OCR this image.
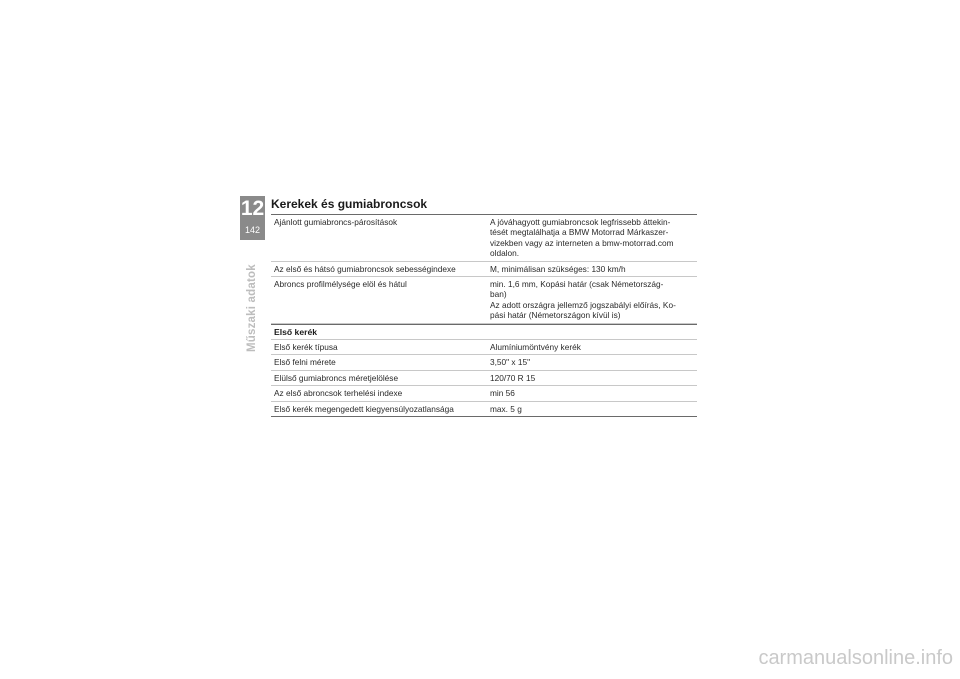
12
142
Műszaki adatok
Kerekek és gumiabroncsok
Ajánlott gumiabroncs-párosítások	A jóváhagyott gumiabroncsok legfrissebb áttekin-
tését megtalálhatja a BMW Motorrad Márkaszer-
vizekben vagy az interneten a bmw-motorrad.com
oldalon.
Az első és hátsó gumiabroncsok sebességindexe	M, minimálisan szükséges: 130 km/h
Abroncs profilmélysége elöl és hátul	min. 1,6 mm, Kopási határ (csak Németország-
ban)
Az adott országra jellemző jogszabályi előírás, Ko-
pási határ (Németországon kívül is)
Első kerék
Első kerék típusa	Alumíniumöntvény kerék
Első felni mérete	3,50" x 15"
Elülső gumiabroncs méretjelölése	120/70 R 15
Az első abroncsok terhelési indexe	min 56
Első kerék megengedett kiegyensúlyozatlansága	max. 5 g
carmanualsonline.info
